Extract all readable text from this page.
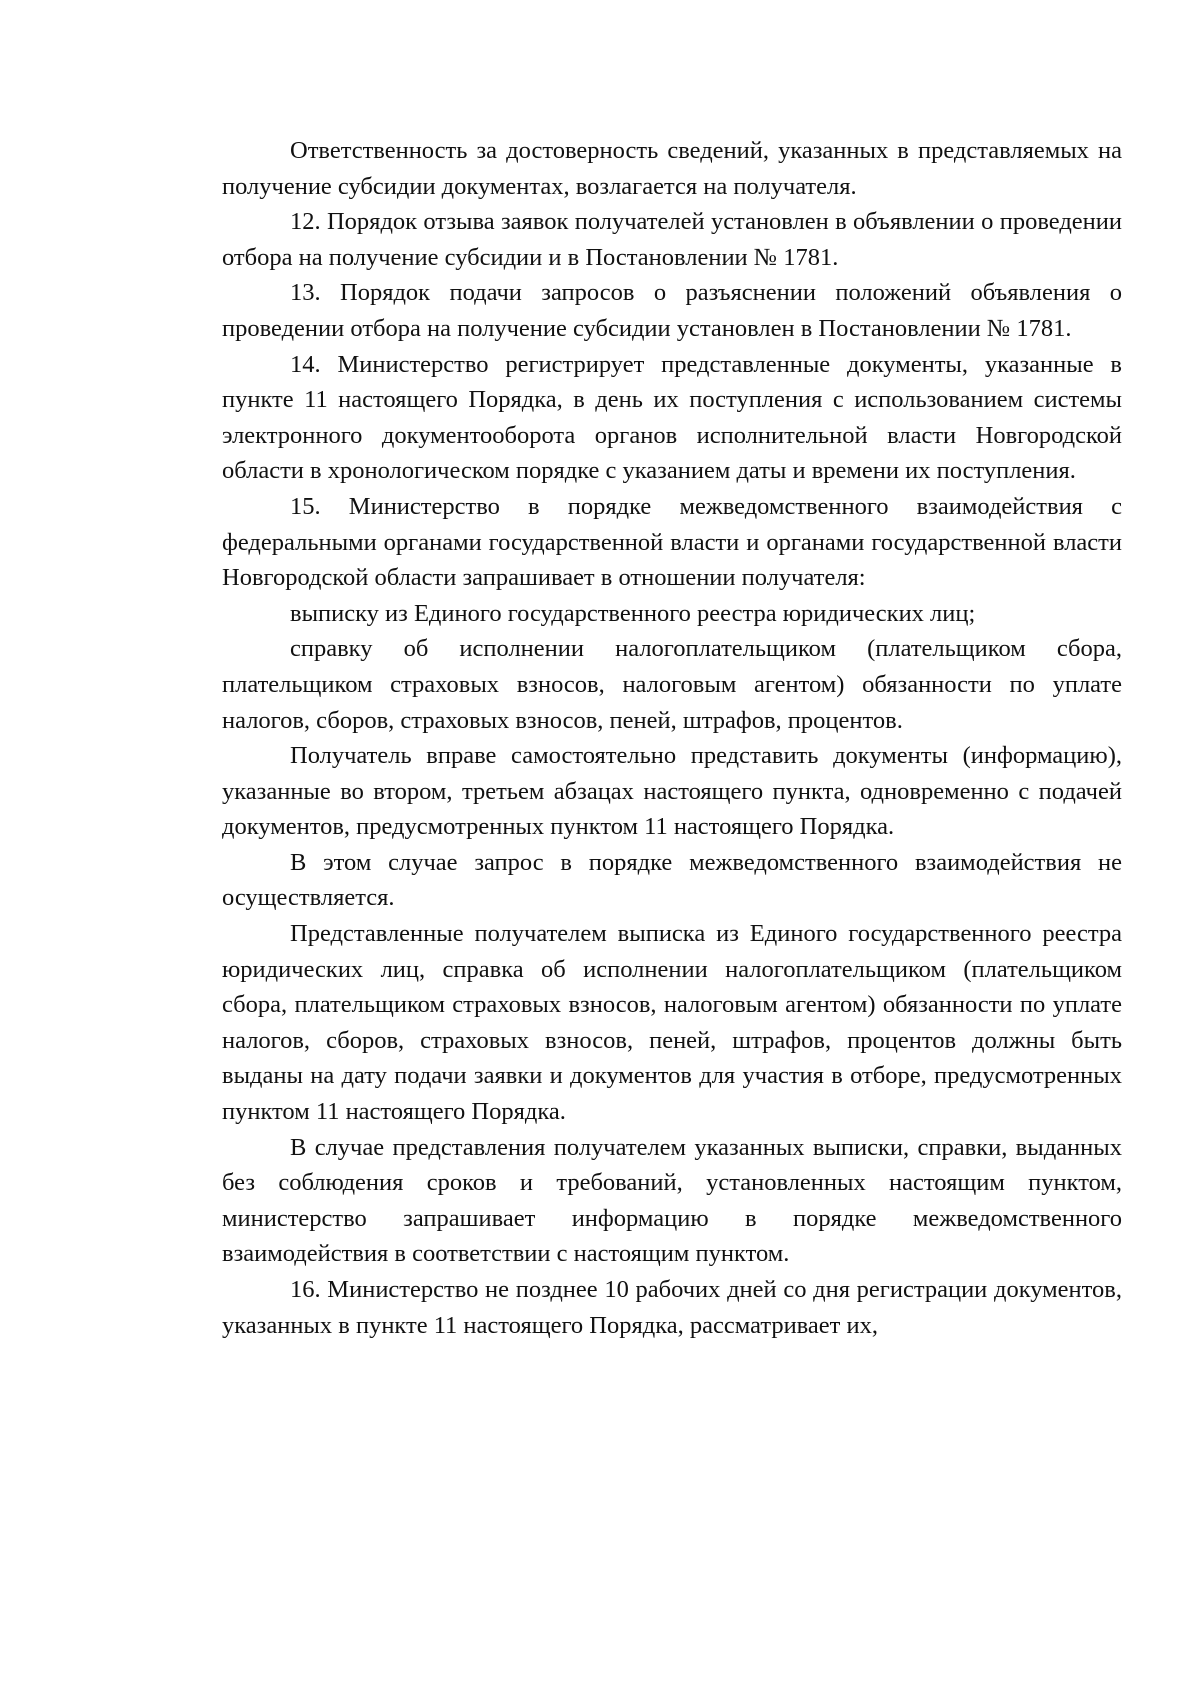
Ответственность за достоверность сведений, указанных в представляемых на получение субсидии документах, возлагается на получателя.

12. Порядок отзыва заявок получателей установлен в объявлении о проведении отбора на получение субсидии и в Постановлении № 1781.

13. Порядок подачи запросов о разъяснении положений объявления о проведении отбора на получение субсидии установлен в Постановлении № 1781.

14. Министерство регистрирует представленные документы, указанные в пункте 11 настоящего Порядка, в день их поступления с использованием системы электронного документооборота органов исполнительной власти Новгородской области в хронологическом порядке с указанием даты и времени их поступления.

15. Министерство в порядке межведомственного взаимодействия с федеральными органами государственной власти и органами государственной власти Новгородской области запрашивает в отношении получателя:

выписку из Единого государственного реестра юридических лиц;

справку об исполнении налогоплательщиком (плательщиком сбора, плательщиком страховых взносов, налоговым агентом) обязанности по уплате налогов, сборов, страховых взносов, пеней, штрафов, процентов.

Получатель вправе самостоятельно представить документы (информацию), указанные во втором, третьем абзацах настоящего пункта, одновременно с подачей документов, предусмотренных пунктом 11 настоящего Порядка.

В этом случае запрос в порядке межведомственного взаимодействия не осуществляется.

Представленные получателем выписка из Единого государственного реестра юридических лиц, справка об исполнении налогоплательщиком (плательщиком сбора, плательщиком страховых взносов, налоговым агентом) обязанности по уплате налогов, сборов, страховых взносов, пеней, штрафов, процентов должны быть выданы на дату подачи заявки и документов для участия в отборе, предусмотренных пунктом 11 настоящего Порядка.

В случае представления получателем указанных выписки, справки, выданных без соблюдения сроков и требований, установленных настоящим пунктом, министерство запрашивает информацию в порядке межведомственного взаимодействия в соответствии с настоящим пунктом.

16. Министерство не позднее 10 рабочих дней со дня регистрации документов, указанных в пункте 11 настоящего Порядка, рассматривает их,
